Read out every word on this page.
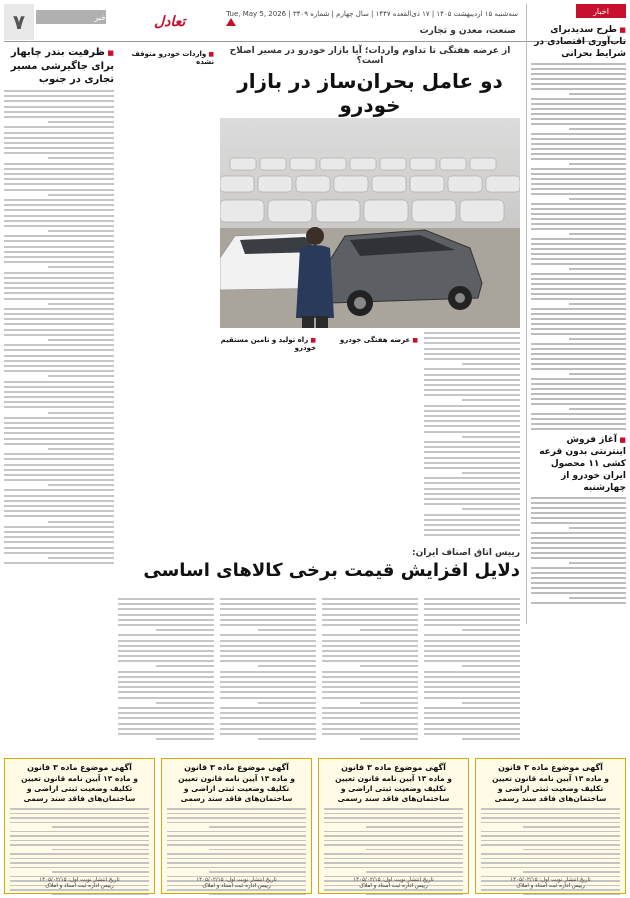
۷	خبر	تعادل	سه‌شنبه ۱۵ اردیبهشت ۱۴۰۵ | ۱۷ ذی‌القعده ۱۴۴۷ | سال چهارم | شماره ۳۴۰۹ | Tue, May 5, 2026
صنعت، معدن و تجارت
اخبار
■ طرح سدیدبرای تاب‌آوری اقتصادی در شرایط بحرانی
■ آغاز فروش اینترنتی بدون قرعه کشی ۱۱ محصول ایران خودرو از چهارشنبه
از عرضه هفتگی تا تداوم واردات؛ آیا بازار خودرو در مسیر اصلاح است؟
دو عامل بحران‌ساز در بازار خودرو
■ عرضه هفتگی خودرو
■ راه تولید و تامین مستقیم خودرو
■ ظرفیت بندر چابهار برای جاگیرشی مسیر تجاری در جنوب
■ واردات خودرو متوقف نشده
رییس اتاق اصناف ایران:
دلایل افزایش قیمت برخی کالاهای اساسی
آگهی موضوع ماده ۳ قانون
و ماده ۱۳ آیین نامه قانون تعیین تکلیف وضعیت ثبتی اراضی و ساختمان‌های فاقد سند رسمی
تاریخ انتشار نوبت اول: ۱۴۰۵/۰۲/۱۵
رییس اداره ثبت اسناد و املاک
آگهی موضوع ماده ۳ قانون
و ماده ۱۳ آیین نامه قانون تعیین تکلیف وضعیت ثبتی اراضی و ساختمان‌های فاقد سند رسمی
تاریخ انتشار نوبت اول: ۱۴۰۵/۰۲/۱۵
رییس اداره ثبت اسناد و املاک
آگهی موضوع ماده ۳ قانون
و ماده ۱۳ آیین نامه قانون تعیین تکلیف وضعیت ثبتی اراضی و ساختمان‌های فاقد سند رسمی
تاریخ انتشار نوبت اول: ۱۴۰۵/۰۲/۱۵
رییس اداره ثبت اسناد و املاک
آگهی موضوع ماده ۳ قانون
و ماده ۱۳ آیین نامه قانون تعیین تکلیف وضعیت ثبتی اراضی و ساختمان‌های فاقد سند رسمی
تاریخ انتشار نوبت اول: ۱۴۰۵/۰۲/۱۵
رییس اداره ثبت اسناد و املاک
